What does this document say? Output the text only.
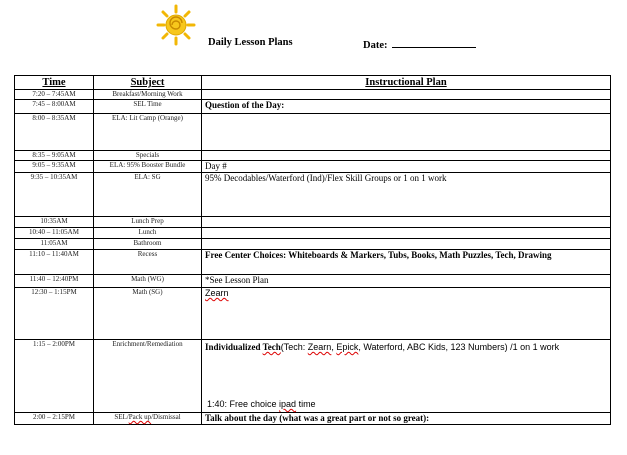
Daily Lesson Plans	Date:
Time	Subject	Instructional Plan
7:20 – 7:45AM	Breakfast/Morning Work	
7:45 – 8:00AM	SEL Time	Question of the Day:
8:00 – 8:35AM	ELA: Lit Camp (Orange)	
8:35 – 9:05AM	Specials	
9:05 – 9:35AM	ELA: 95% Booster Bundle	Day #
9:35 – 10:35AM	ELA: SG	95% Decodables/Waterford (Ind)/Flex Skill Groups or 1 on 1 work
10:35AM	Lunch Prep	
10:40 – 11:05AM	Lunch	
11:05AM	Bathroom	
11:10 – 11:40AM	Recess	Free Center Choices: Whiteboards & Markers, Tubs, Books, Math Puzzles, Tech, Drawing
11:40 – 12:40PM	Math (WG)	*See Lesson Plan
12:30 – 1:15PM	Math (SG)	Zearn
1:15 – 2:00PM	Enrichment/Remediation	Individualized Tech(Tech: Zearn, Epick, Waterford, ABC Kids, 123 Numbers) /1 on 1 work
1:40: Free choice ipad time

2:00 – 2:15PM	SEL/Pack up/Dismissal	Talk about the day (what was a great part or not so great):
